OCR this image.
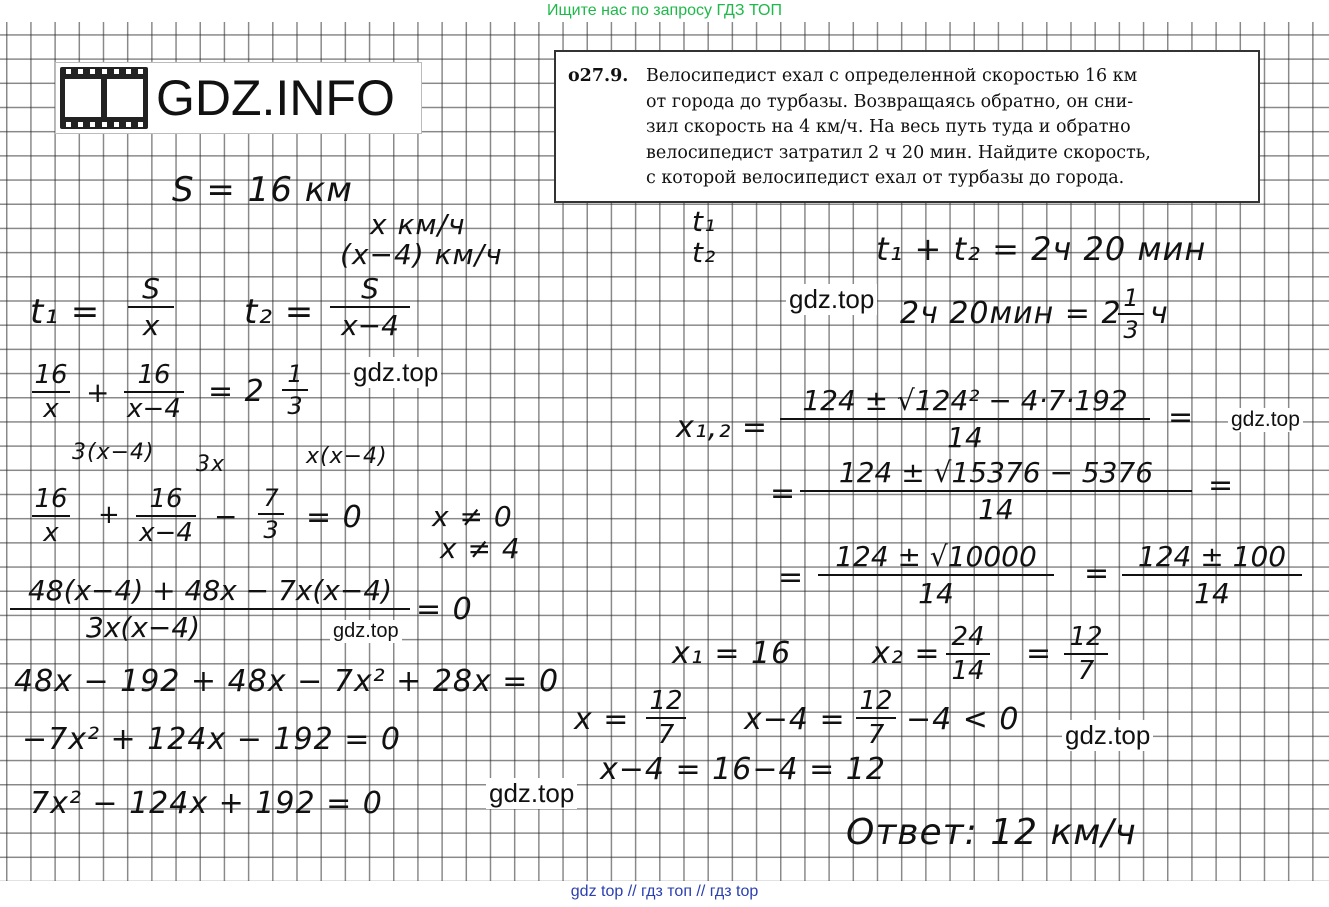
Ищите нас по запросу ГДЗ ТОП
GDZ.INFO	o27.9.	Велосипедист ехал с определенной скоростью 16 км
от города до турбазы. Возвращаясь обратно, он сни-
зил скорость на 4 км/ч. На весь путь туда и обратно
велосипедист затратил 2 ч 20 мин. Найдите скорость,
с которой велосипедист ехал от турбазы до города.
gdz.top
gdz.top
gdz.top
gdz.top
gdz.top
gdz.top
S = 16 км
x км/ч
(x−4) км/ч
t₁
t₂	t₁ + t₂ = 2ч 20 мин
2ч 20мин = 2 1
3 ч
t₁ =
S
x	t₂ =
S
x−4
16
x +
16
x−4 = 2 1
3
3(x−4) 3x	x(x−4)
16
x
+
16
x−4 −
7
3 = 0 x ≠ 0
x ≠ 4
48(x−4) + 48x − 7x(x−4)
3x(x−4)
= 0
48x − 192 + 48x − 7x² + 28x = 0
−7x² + 124x − 192 = 0
7x² − 124x + 192 = 0
x₁,₂ =
124 ± √124² − 4·7·192
14
=
=
124 ± √15376 − 5376
14
=
=
124 ± √10000
14
= 124 ± 100
14
x₁ = 16	x₂ = 24
14 = 12
7
x =
12
7	x−4 =
12
7 −4 < 0
x−4 = 16−4 = 12
Ответ: 12 км/ч
gdz top // гдз топ // гдз top
